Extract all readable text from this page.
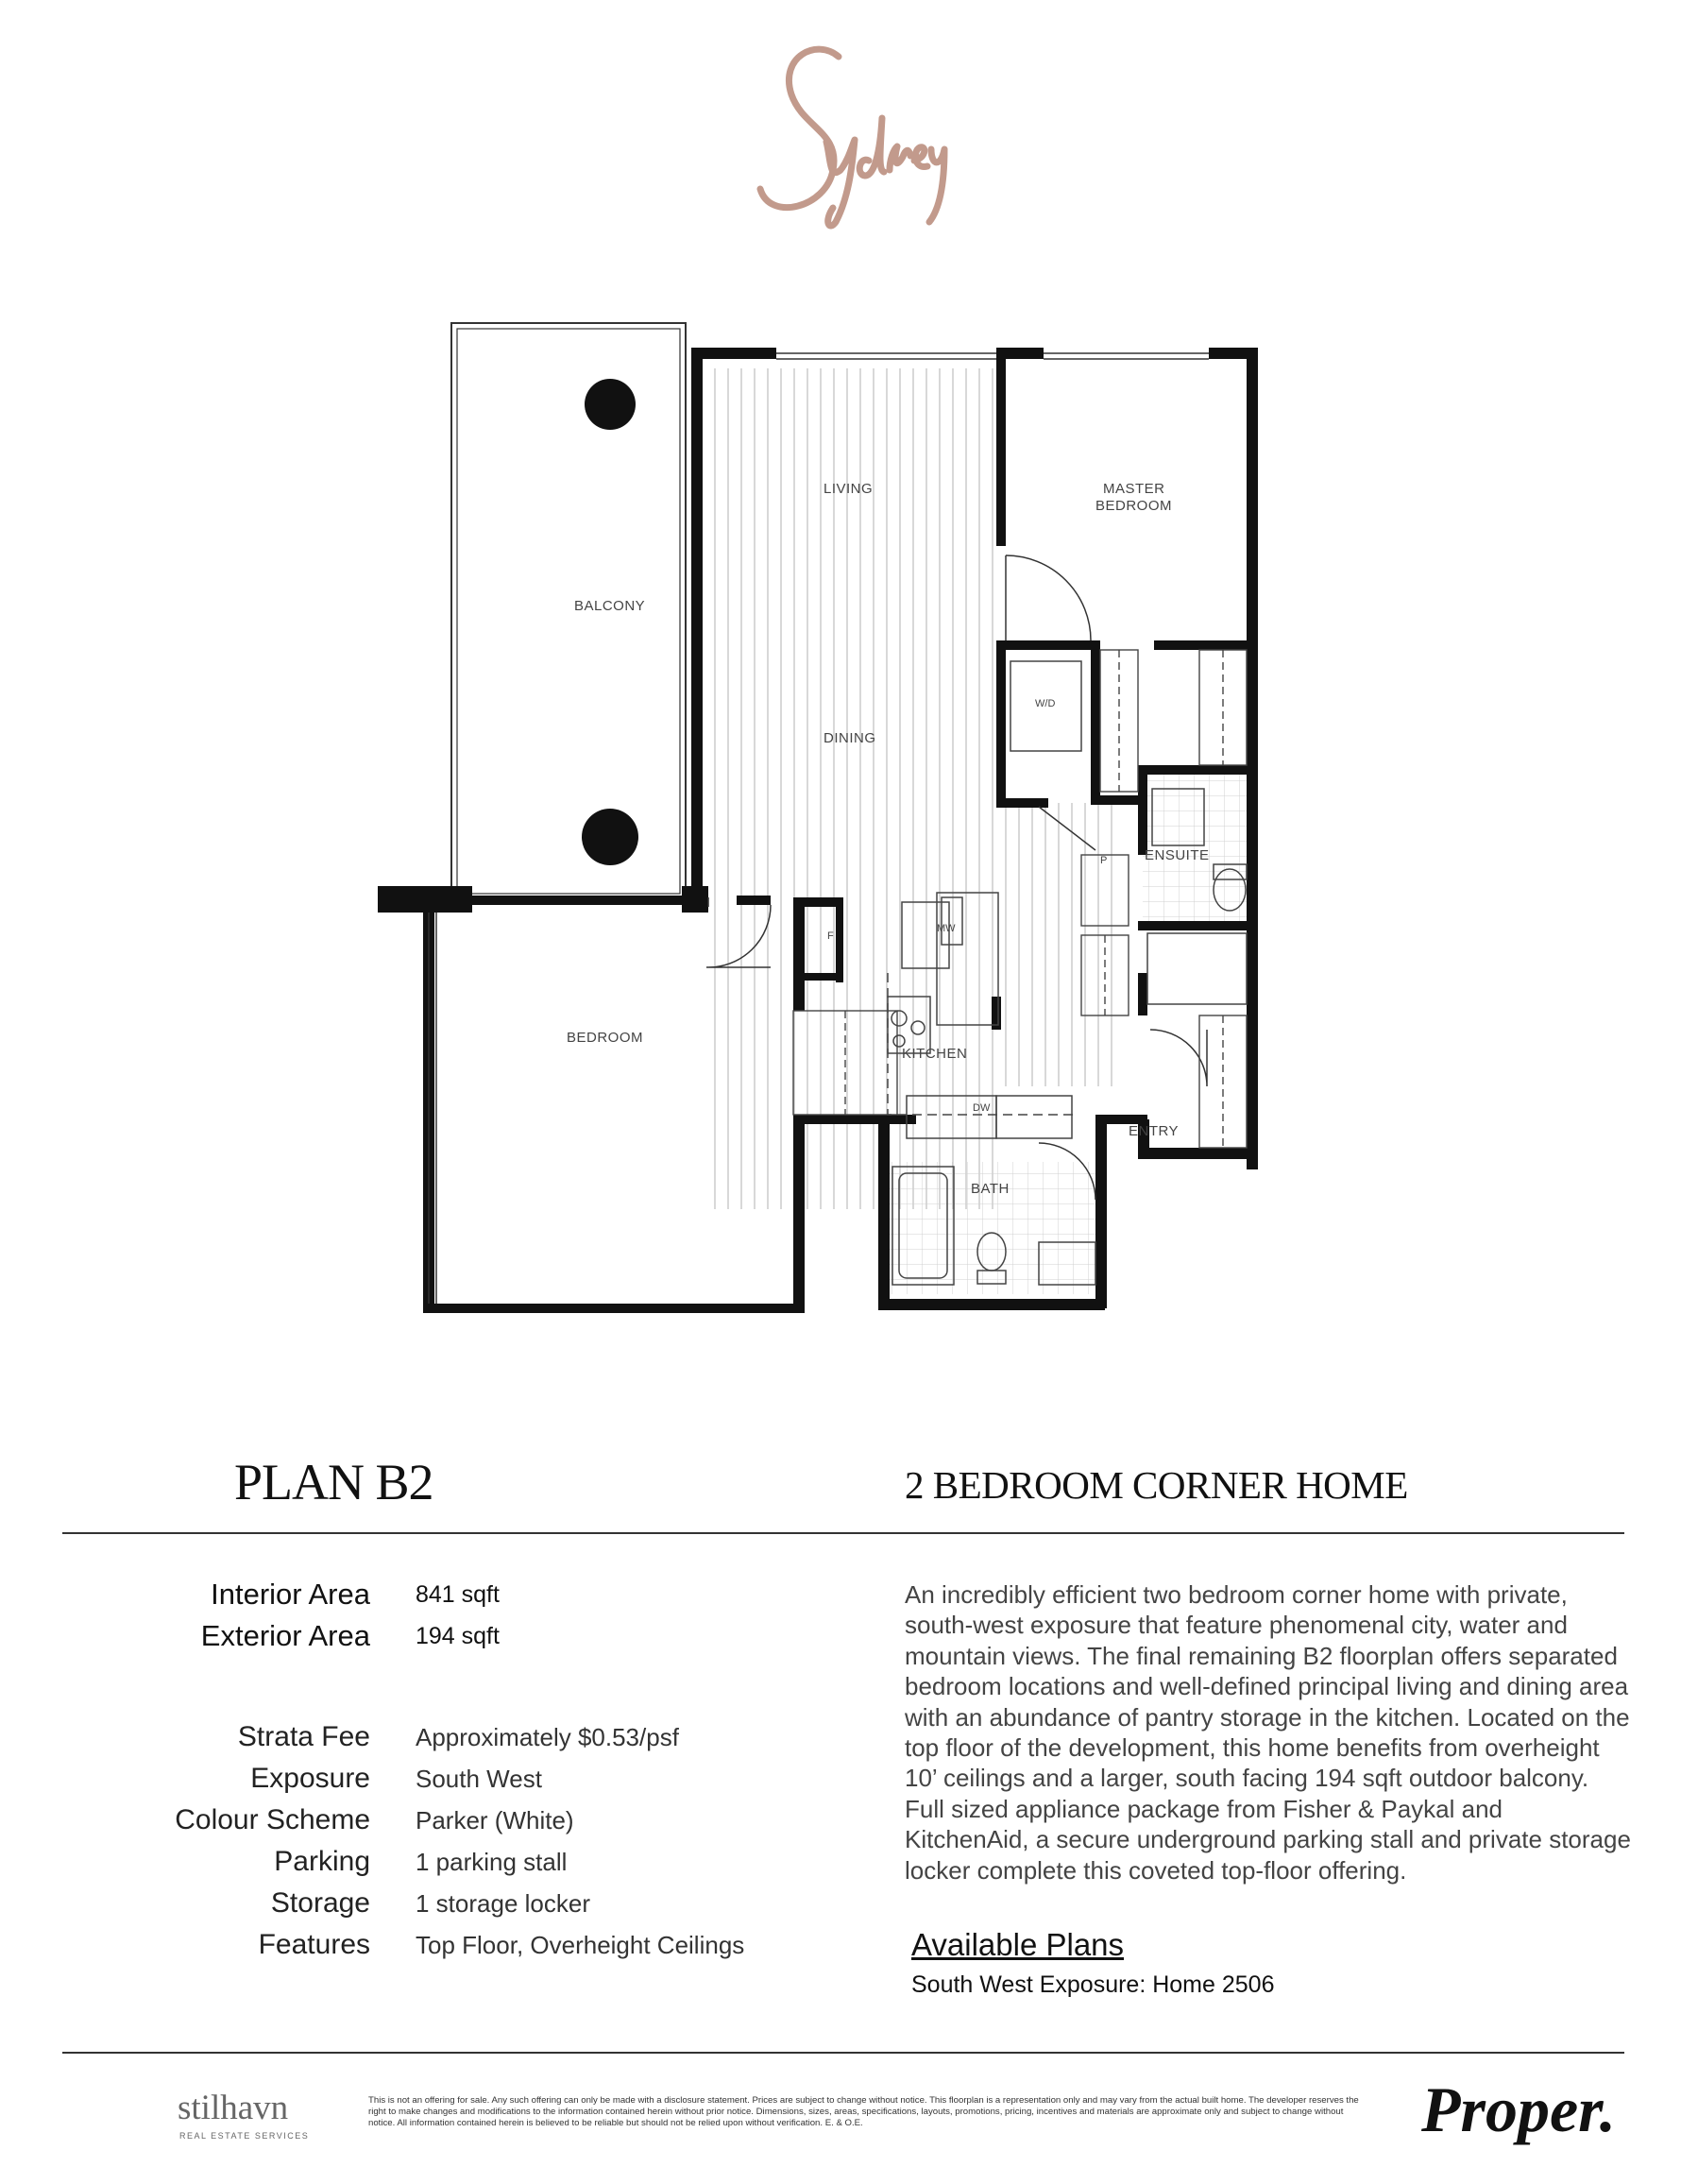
BALCONY
LIVING
DINING
MASTER
BEDROOM
ENSUITE
BEDROOM
KITCHEN
ENTRY
BATH
W/D
F
P
MW
DW
PLAN B2	2 BEDROOM CORNER HOME
Interior Area 841 sqft
Exterior Area 194 sqft
Strata Fee Approximately $0.53/psf
Exposure South West
Colour Scheme Parker (White)
Parking 1 parking stall
Storage 1 storage locker
Features Top Floor, Overheight Ceilings
An incredibly efficient two bedroom corner home with private, south-west exposure that feature phenomenal city, water and mountain views. The final remaining B2 floorplan offers separated bedroom locations and well-defined principal living and dining area with an abundance of pantry storage in the kitchen. Located on the top floor of the development, this home benefits from overheight 10’ ceilings and a larger, south facing 194 sqft outdoor balcony. Full sized appliance package from Fisher & Paykal and KitchenAid, a secure underground parking stall and private storage locker complete this coveted top-floor offering.
Available Plans
South West Exposure: Home 2506
stilhavn
REAL ESTATE SERVICES
This is not an offering for sale. Any such offering can only be made with a disclosure statement. Prices are subject to change without notice. This floorplan is a representation only and may vary from the actual built home. The developer reserves the right to make changes and modifications to the information contained herein without prior notice. Dimensions, sizes, areas, specifications, layouts, promotions, pricing, incentives and materials are approximate only and subject to change without notice. All information contained herein is believed to be reliable but should not be relied upon without verification. E. & O.E.	Proper.
